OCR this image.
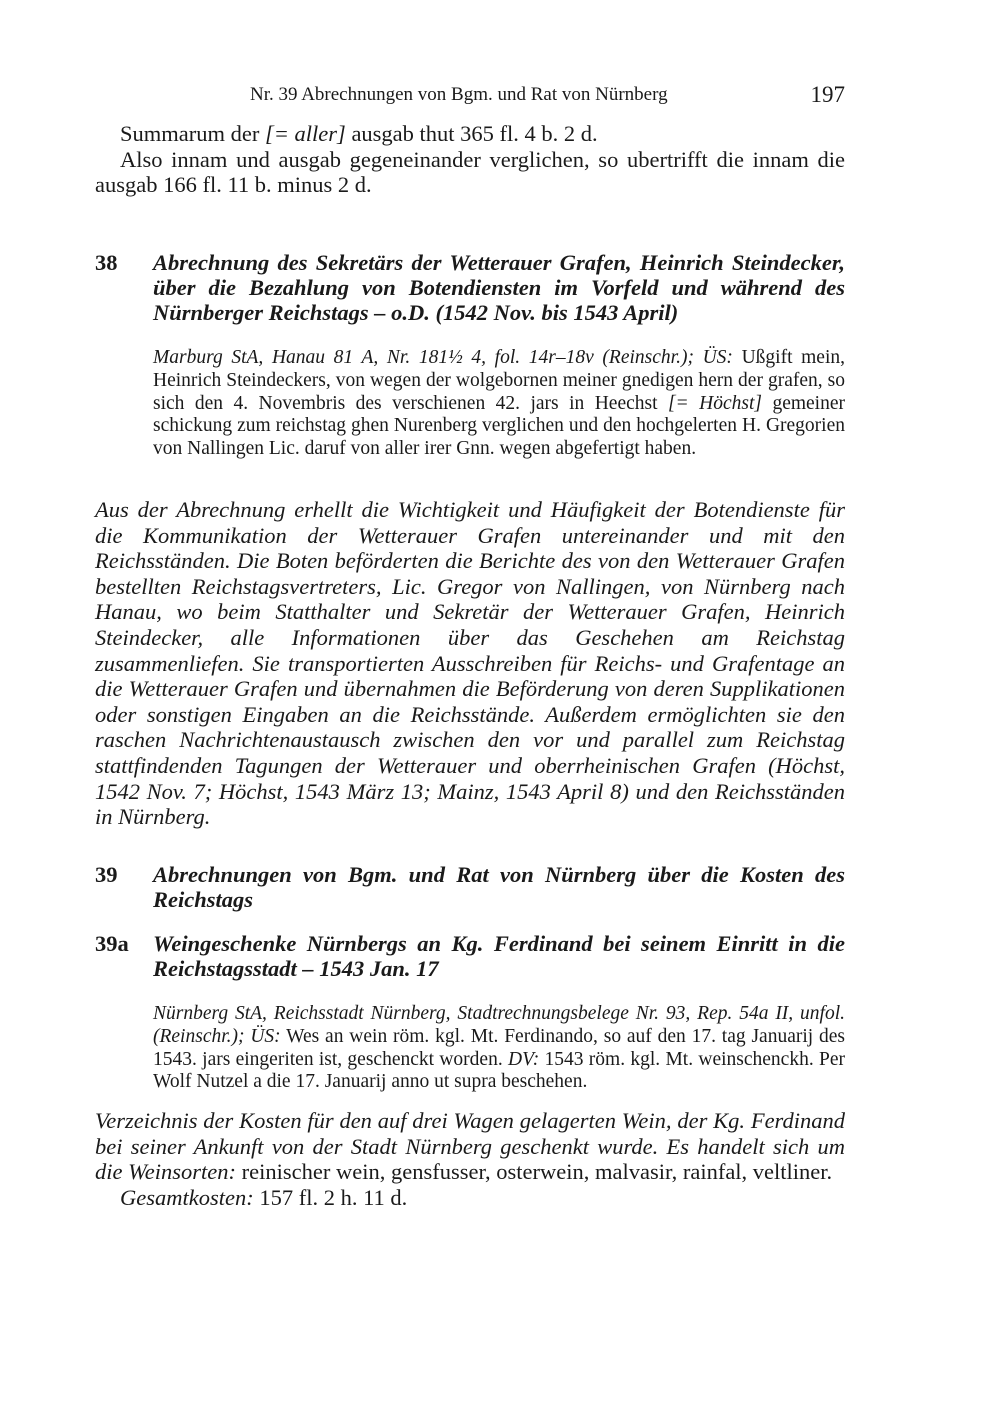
Nr. 39 Abrechnungen von Bgm. und Rat von Nürnberg	197

Summarum der [= aller] ausgab thut 365 fl. 4 b. 2 d.

Also innam und ausgab gegeneinander verglichen, so ubertrifft die innam die ausgab 166 fl. 11 b. minus 2 d.

38 Abrechnung des Sekretärs der Wetterauer Grafen, Heinrich Steindecker, über die Bezahlung von Botendiensten im Vorfeld und während des Nürnberger Reichstags – o.D. (1542 Nov. bis 1543 April)
Marburg StA, Hanau 81 A, Nr. 181½ 4, fol. 14r–18v (Reinschr.); ÜS: Ußgift mein, Heinrich Steindeckers, von wegen der wolgebornen meiner gnedigen hern der grafen, so sich den 4. Novembris des verschienen 42. jars in Heechst [= Höchst] gemeiner schickung zum reichstag ghen Nurenberg verglichen und den hochgelerten H. Gregorien von Nallingen Lic. daruf von aller irer Gnn. wegen abgefertigt haben.

Aus der Abrechnung erhellt die Wichtigkeit und Häufigkeit der Botendienste für die Kommunikation der Wetterauer Grafen untereinander und mit den Reichsständen. Die Boten beförderten die Berichte des von den Wetterauer Grafen bestellten Reichstagsvertreters, Lic. Gregor von Nallingen, von Nürnberg nach Hanau, wo beim Statthalter und Sekretär der Wetterauer Grafen, Heinrich Steindecker, alle Informationen über das Geschehen am Reichstag zusammenliefen. Sie transportierten Ausschreiben für Reichs- und Grafentage an die Wetterauer Grafen und übernahmen die Beförderung von deren Supplikationen oder sonstigen Eingaben an die Reichsstände. Außerdem ermöglichten sie den raschen Nachrichtenaustausch zwischen den vor und parallel zum Reichstag stattfindenden Tagungen der Wetterauer und oberrheinischen Grafen (Höchst, 1542 Nov. 7; Höchst, 1543 März 13; Mainz, 1543 April 8) und den Reichsständen in Nürnberg.

39 Abrechnungen von Bgm. und Rat von Nürnberg über die Kosten des Reichstags
39a Weingeschenke Nürnbergs an Kg. Ferdinand bei seinem Einritt in die Reichstagsstadt – 1543 Jan. 17
Nürnberg StA, Reichsstadt Nürnberg, Stadtrechnungsbelege Nr. 93, Rep. 54a II, unfol. (Reinschr.); ÜS: Wes an wein röm. kgl. Mt. Ferdinando, so auf den 17. tag Januarij des 1543. jars eingeriten ist, geschenckt worden. DV: 1543 röm. kgl. Mt. weinschenckh. Per Wolf Nutzel a die 17. Januarij anno ut supra beschehen.

Verzeichnis der Kosten für den auf drei Wagen gelagerten Wein, der Kg. Ferdinand bei seiner Ankunft von der Stadt Nürnberg geschenkt wurde. Es handelt sich um die Weinsorten: reinischer wein, gensfusser, osterwein, malvasir, rainfal, veltliner.

Gesamtkosten: 157 fl. 2 h. 11 d.
